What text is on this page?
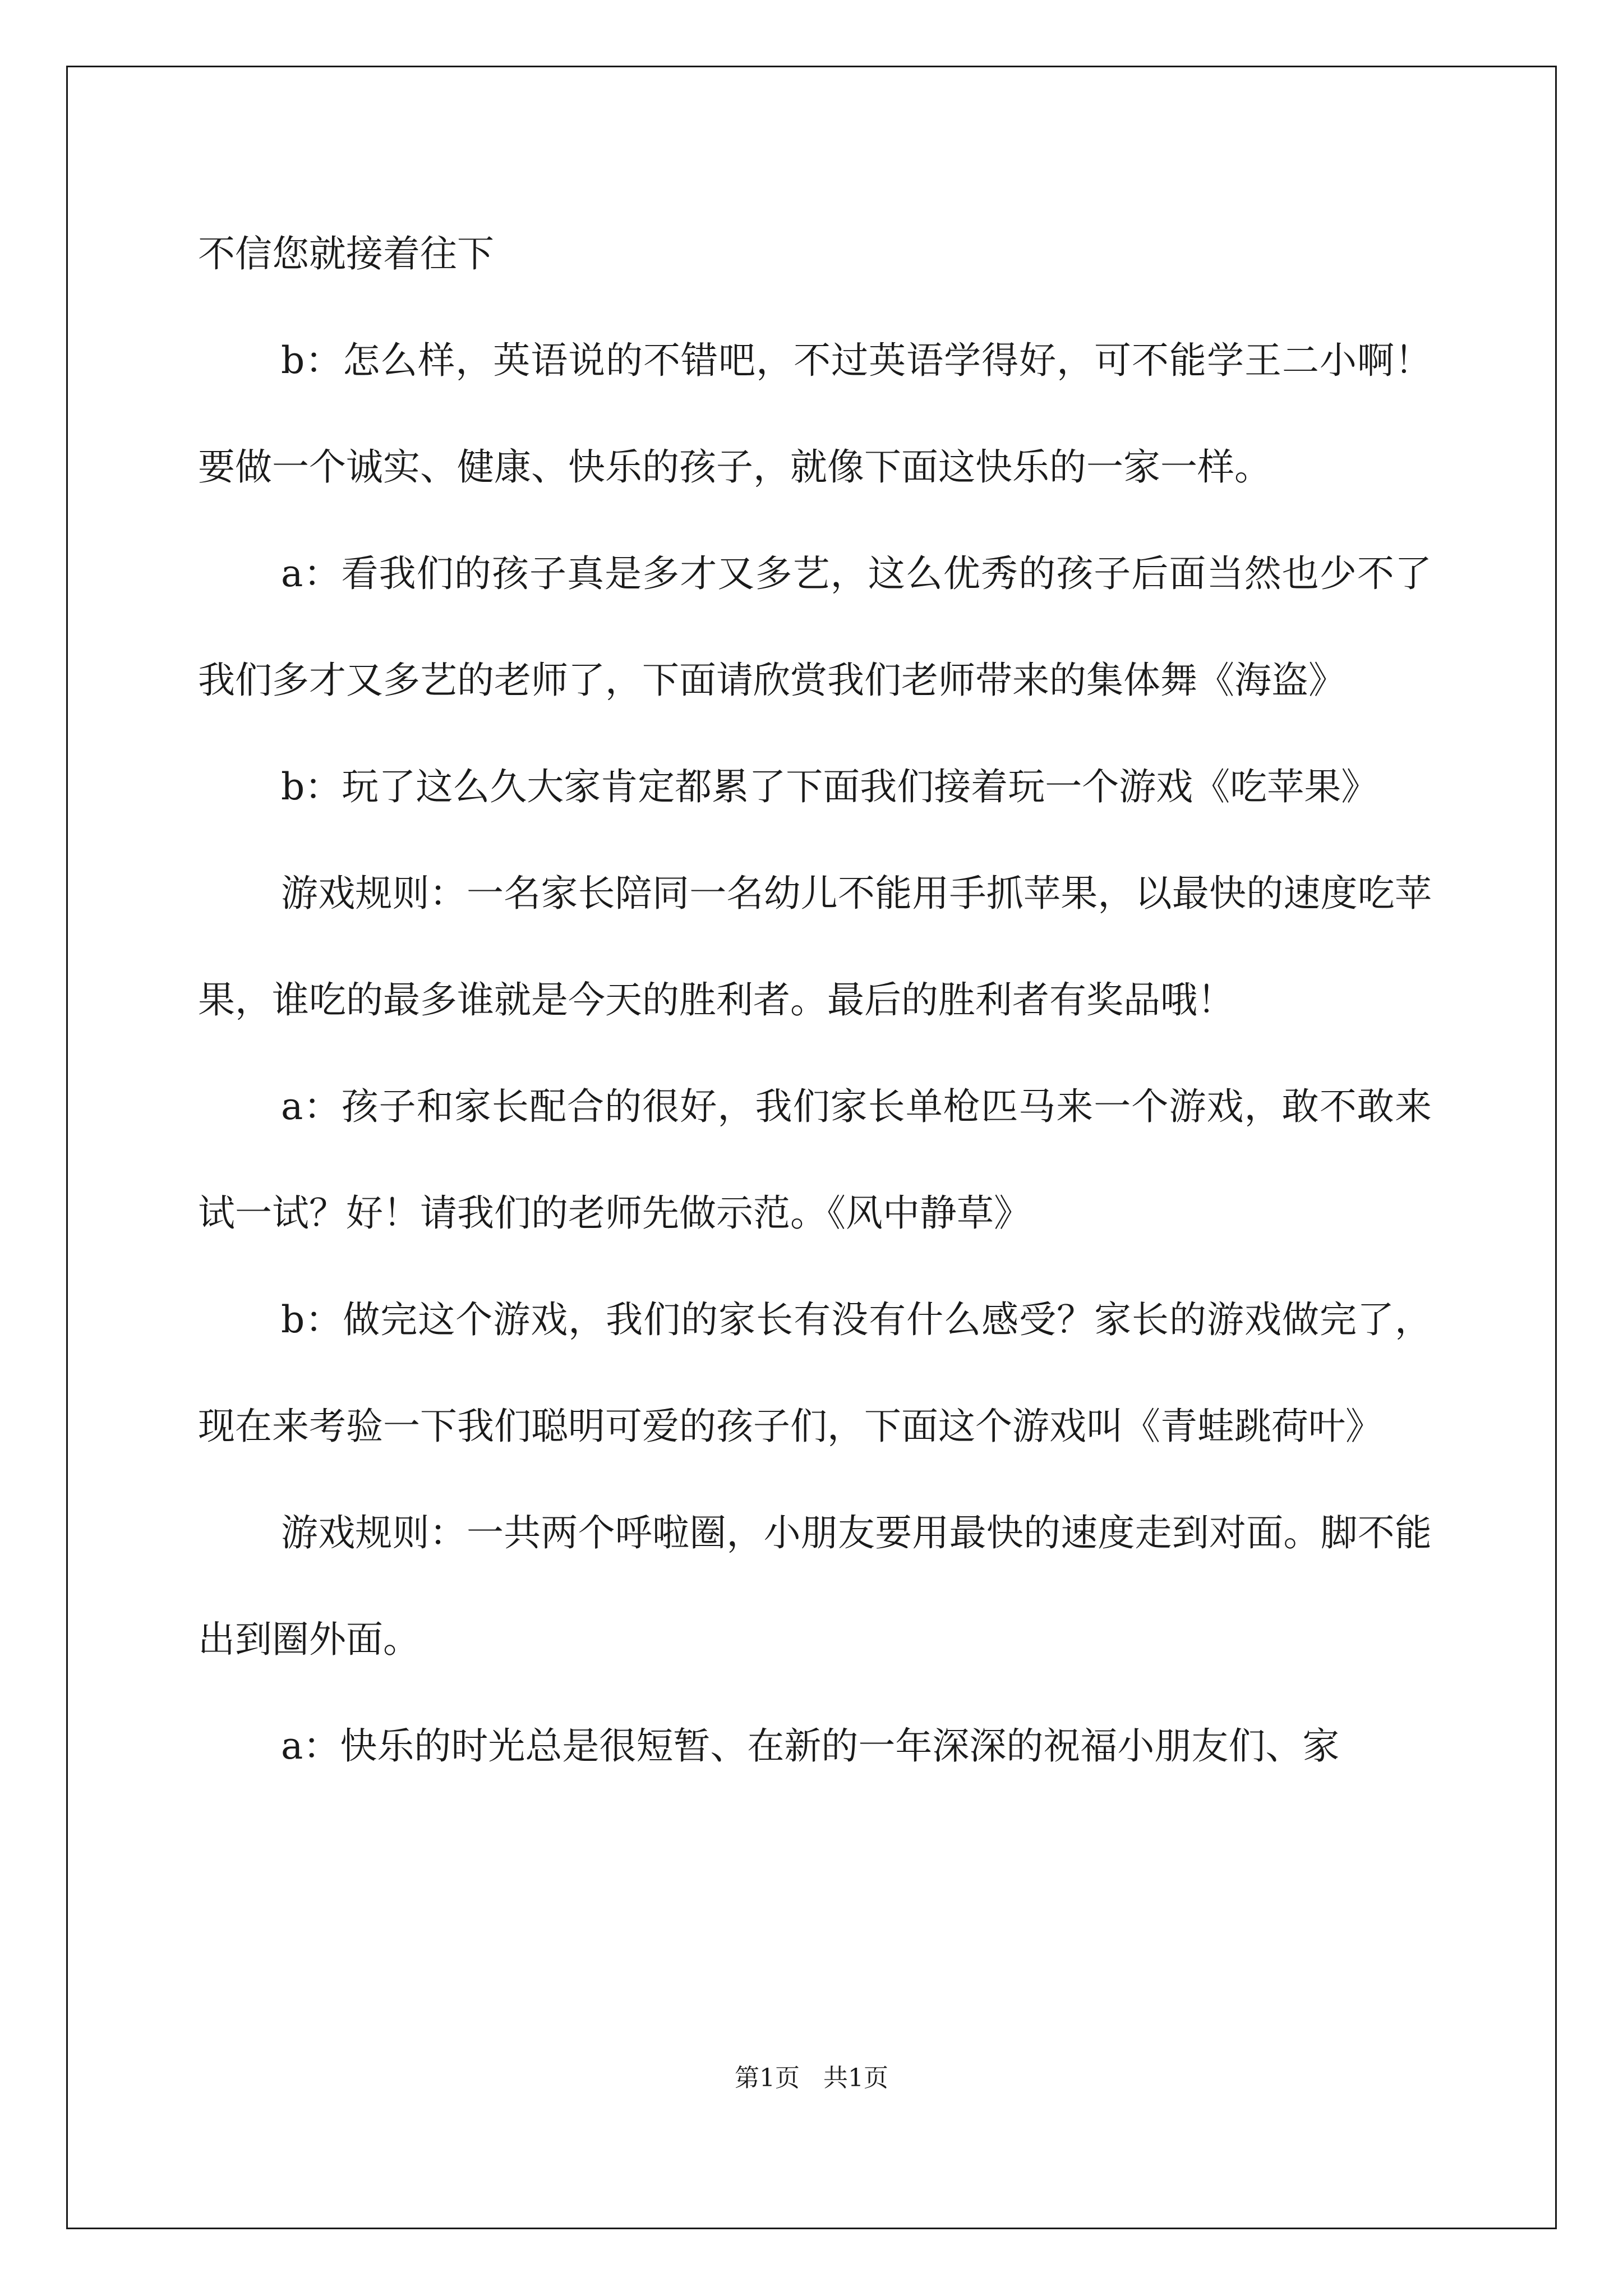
不信您就接着往下

b：怎么样，英语说的不错吧，不过英语学得好，可不能学王二小啊！要做一个诚实、健康、快乐的孩子，就像下面这快乐的一家一样。

a：看我们的孩子真是多才又多艺，这么优秀的孩子后面当然也少不了我们多才又多艺的老师了，下面请欣赏我们老师带来的集体舞《海盗》

b：玩了这么久大家肯定都累了下面我们接着玩一个游戏《吃苹果》

游戏规则：一名家长陪同一名幼儿不能用手抓苹果，以最快的速度吃苹果，谁吃的最多谁就是今天的胜利者。最后的胜利者有奖品哦！

a：孩子和家长配合的很好，我们家长单枪匹马来一个游戏，敢不敢来试一试？好！请我们的老师先做示范。《风中静草》

b：做完这个游戏，我们的家长有没有什么感受？家长的游戏做完了，现在来考验一下我们聪明可爱的孩子们，下面这个游戏叫《青蛙跳荷叶》

游戏规则：一共两个呼啦圈，小朋友要用最快的速度走到对面。脚不能出到圈外面。

a：快乐的时光总是很短暂、在新的一年深深的祝福小朋友们、家

第1页   共1页
